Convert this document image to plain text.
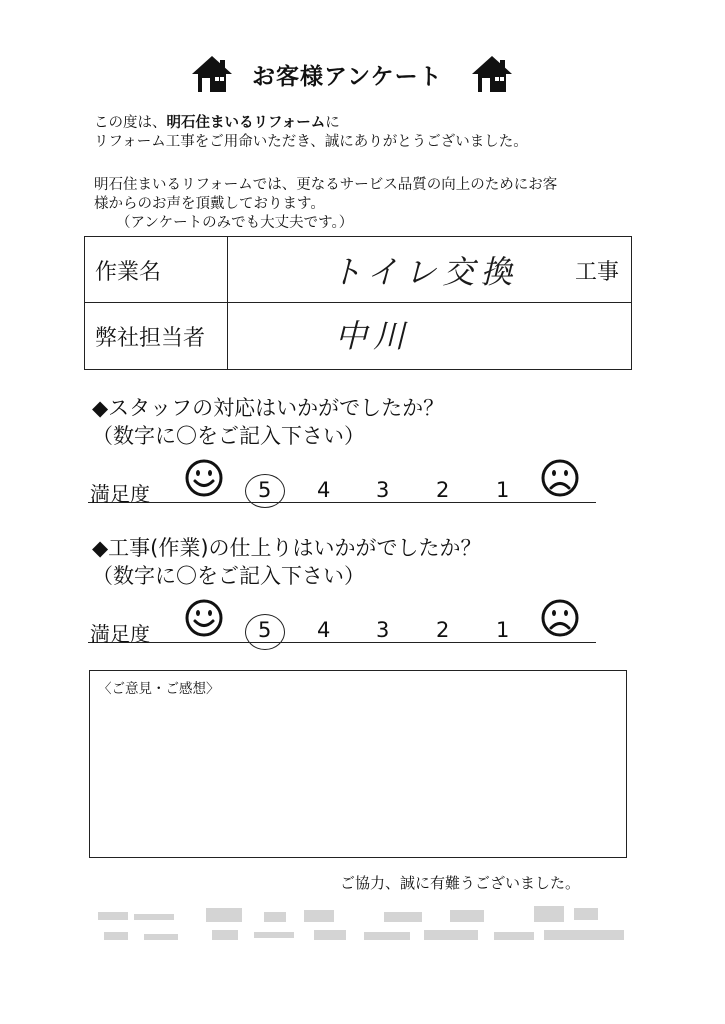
お客様アンケート
この度は、明石住まいるリフォームに
リフォーム工事をご用命いただき、誠にありがとうございました。
明石住まいるリフォームでは、更なるサービス品質の向上のためにお客
様からのお声を頂戴しております。
（アンケートのみでも大丈夫です。）
作業名	トイレ交換	工事
弊社担当者	中川
◆スタッフの対応はいかがでしたか？
（数字に〇をご記入下さい）
満足度	5 4 3 2 1
◆工事(作業)の仕上りはいかがでしたか？
（数字に〇をご記入下さい）
満足度	5 4 3 2 1
〈ご意見・ご感想〉
ご協力、誠に有難うございました。
